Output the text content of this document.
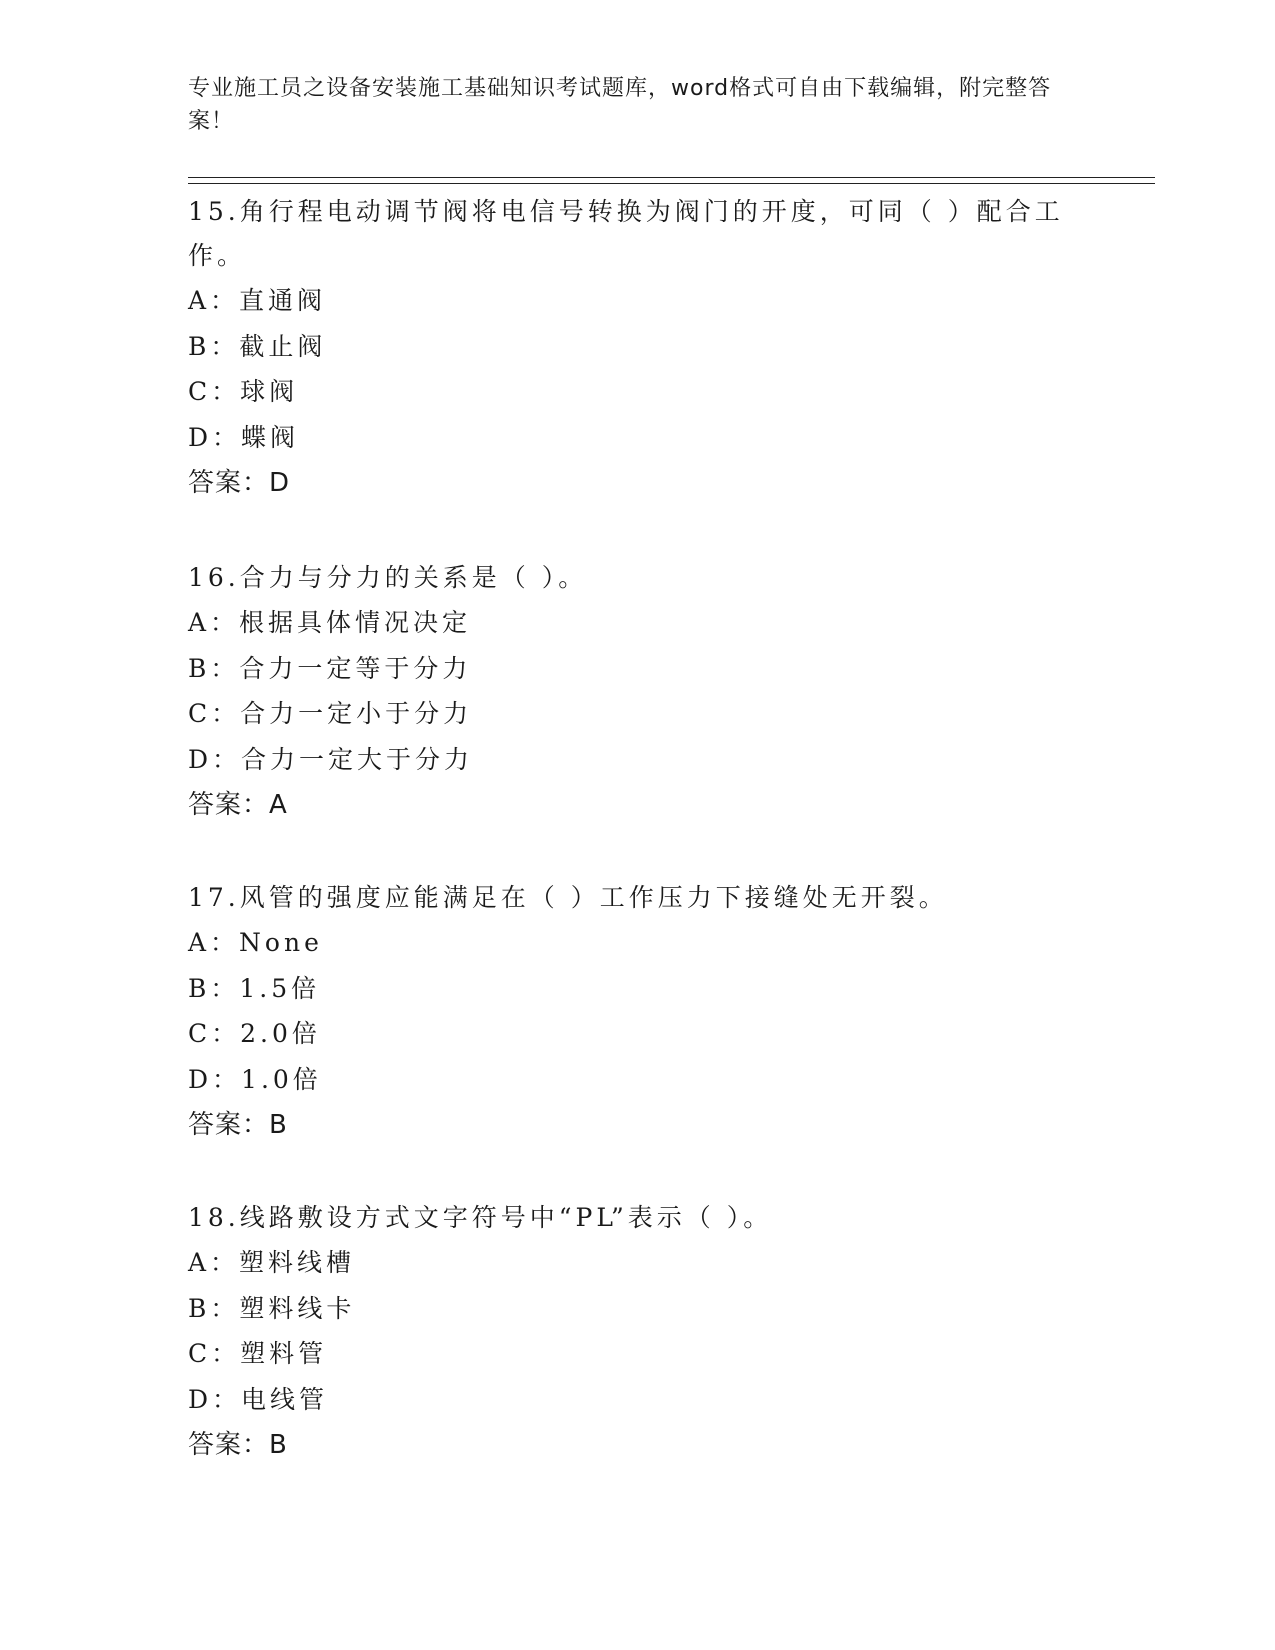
专业施工员之设备安装施工基础知识考试题库，word格式可自由下载编辑，附完整答案！

15.角行程电动调节阀将电信号转换为阀门的开度，可同（ ）配合工作。

A：直通阀

B：截止阀

C：球阀

D：蝶阀

答案：D

16.合力与分力的关系是（ ）。

A：根据具体情况决定

B：合力一定等于分力

C：合力一定小于分力

D：合力一定大于分力

答案：A

17.风管的强度应能满足在（ ）工作压力下接缝处无开裂。

A：None

B：1.5倍

C：2.0倍

D：1.0倍

答案：B

18.线路敷设方式文字符号中“PL”表示（ ）。

A：塑料线槽

B：塑料线卡

C：塑料管

D：电线管

答案：B
